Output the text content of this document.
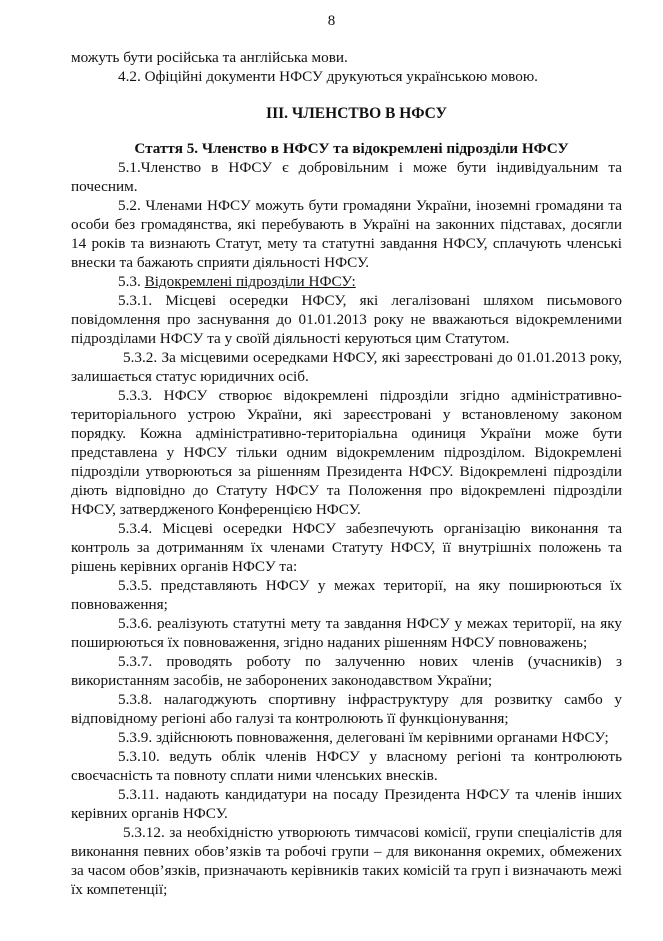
8

можуть бути російська та англійська мови.

4.2. Офіційні документи НФСУ друкуються українською мовою.

ІІІ. ЧЛЕНСТВО В НФСУ
Стаття 5. Членство в НФСУ та відокремлені підрозділи НФСУ

5.1.Членство в НФСУ є добровільним і може бути індивідуальним та почесним.

5.2. Членами НФСУ можуть бути громадяни України, іноземні громадяни та особи без громадянства, які перебувають в Україні на законних підставах, досягли 14 років та визнають Статут, мету та статутні завдання НФСУ, сплачують членські внески та бажають сприяти діяльності НФСУ.

5.3. Відокремлені підрозділи НФСУ:

5.3.1. Місцеві осередки НФСУ, які легалізовані шляхом письмового повідомлення про заснування до 01.01.2013 року не вважаються відокремленими підрозділами НФСУ та у своїй діяльності керуються цим Статутом.

5.3.2. За місцевими осередками НФСУ, які зареєстровані до 01.01.2013 року, залишається статус юридичних осіб.

5.3.3. НФСУ створює відокремлені підрозділи згідно адміністративно-територіального устрою України, які зареєстровані у встановленому законом порядку. Кожна адміністративно-територіальна одиниця України може бути представлена у НФСУ тільки одним відокремленим підрозділом. Відокремлені підрозділи утворюються за рішенням Президента НФСУ. Відокремлені підрозділи діють відповідно до Статуту НФСУ та Положення про відокремлені підрозділи НФСУ, затвердженого Конференцією НФСУ.

5.3.4. Місцеві осередки НФСУ забезпечують організацію виконання та контроль за дотриманням їх членами Статуту НФСУ, її внутрішніх положень та рішень керівних органів НФСУ та:

5.3.5. представляють НФСУ у межах території, на яку поширюються їх повноваження;

5.3.6. реалізують статутні мету та завдання НФСУ у межах території, на яку поширюються їх повноваження, згідно наданих рішенням НФСУ повноважень;

5.3.7. проводять роботу по залученню нових членів (учасників) з використанням засобів, не заборонених законодавством України;

5.3.8. налагоджують спортивну інфраструктуру для розвитку самбо у відповідному регіоні або галузі та контролюють її функціонування;

5.3.9. здійснюють повноваження, делеговані їм керівними органами НФСУ;

5.3.10. ведуть облік членів НФСУ у власному регіоні та контролюють своєчасність та повноту сплати ними членських внесків.

5.3.11. надають кандидатури на посаду Президента НФСУ та членів інших керівних органів НФСУ.

5.3.12. за необхідністю утворюють тимчасові комісії, групи спеціалістів для виконання певних обов’язків та робочі групи – для виконання окремих, обмежених за часом обов’язків, призначають керівників таких комісій та груп і визначають межі їх компетенції;
